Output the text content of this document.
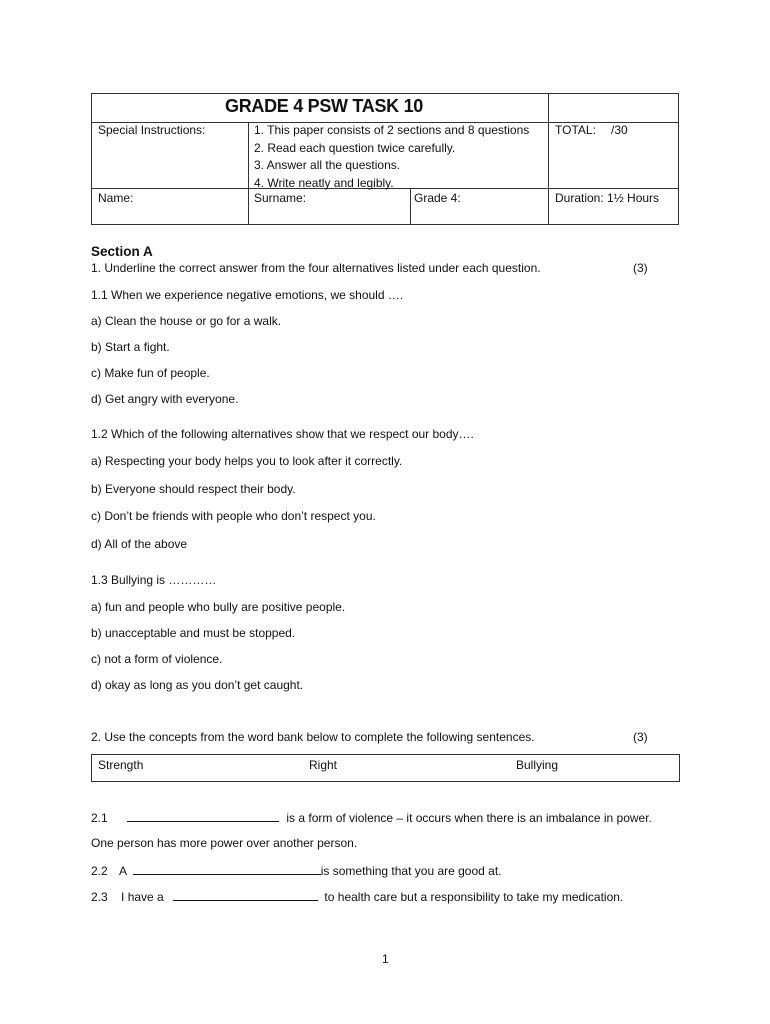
GRADE 4 PSW TASK 10
Special Instructions:	1. This paper consists of 2 sections and 8 questions
2. Read each question twice carefully.
3. Answer all the questions.
4. Write neatly and legibly.
TOTAL: /30
Name:	Surname:	Grade 4:	Duration: 1½ Hours
Section A
1. Underline the correct answer from the four alternatives listed under each question.	(3)
1.1 When we experience negative emotions, we should ….
a) Clean the house or go for a walk.
b) Start a fight.
c) Make fun of people.
d) Get angry with everyone.
1.2 Which of the following alternatives show that we respect our body….
a) Respecting your body helps you to look after it correctly.
b) Everyone should respect their body.
c) Don’t be friends with people who don’t respect you.
d) All of the above
1.3 Bullying is …………
a) fun and people who bully are positive people.
b) unacceptable and must be stopped.
c) not a form of violence.
d) okay as long as you don’t get caught.
2. Use the concepts from the word bank below to complete the following sentences.	(3)
Strength	Right	Bullying
2.1	is a form of violence – it occurs when there is an imbalance in power.
One person has more power over another person.
2.2 A	is something that you are good at.
2.3 I have a	to health care but a responsibility to take my medication.
1
